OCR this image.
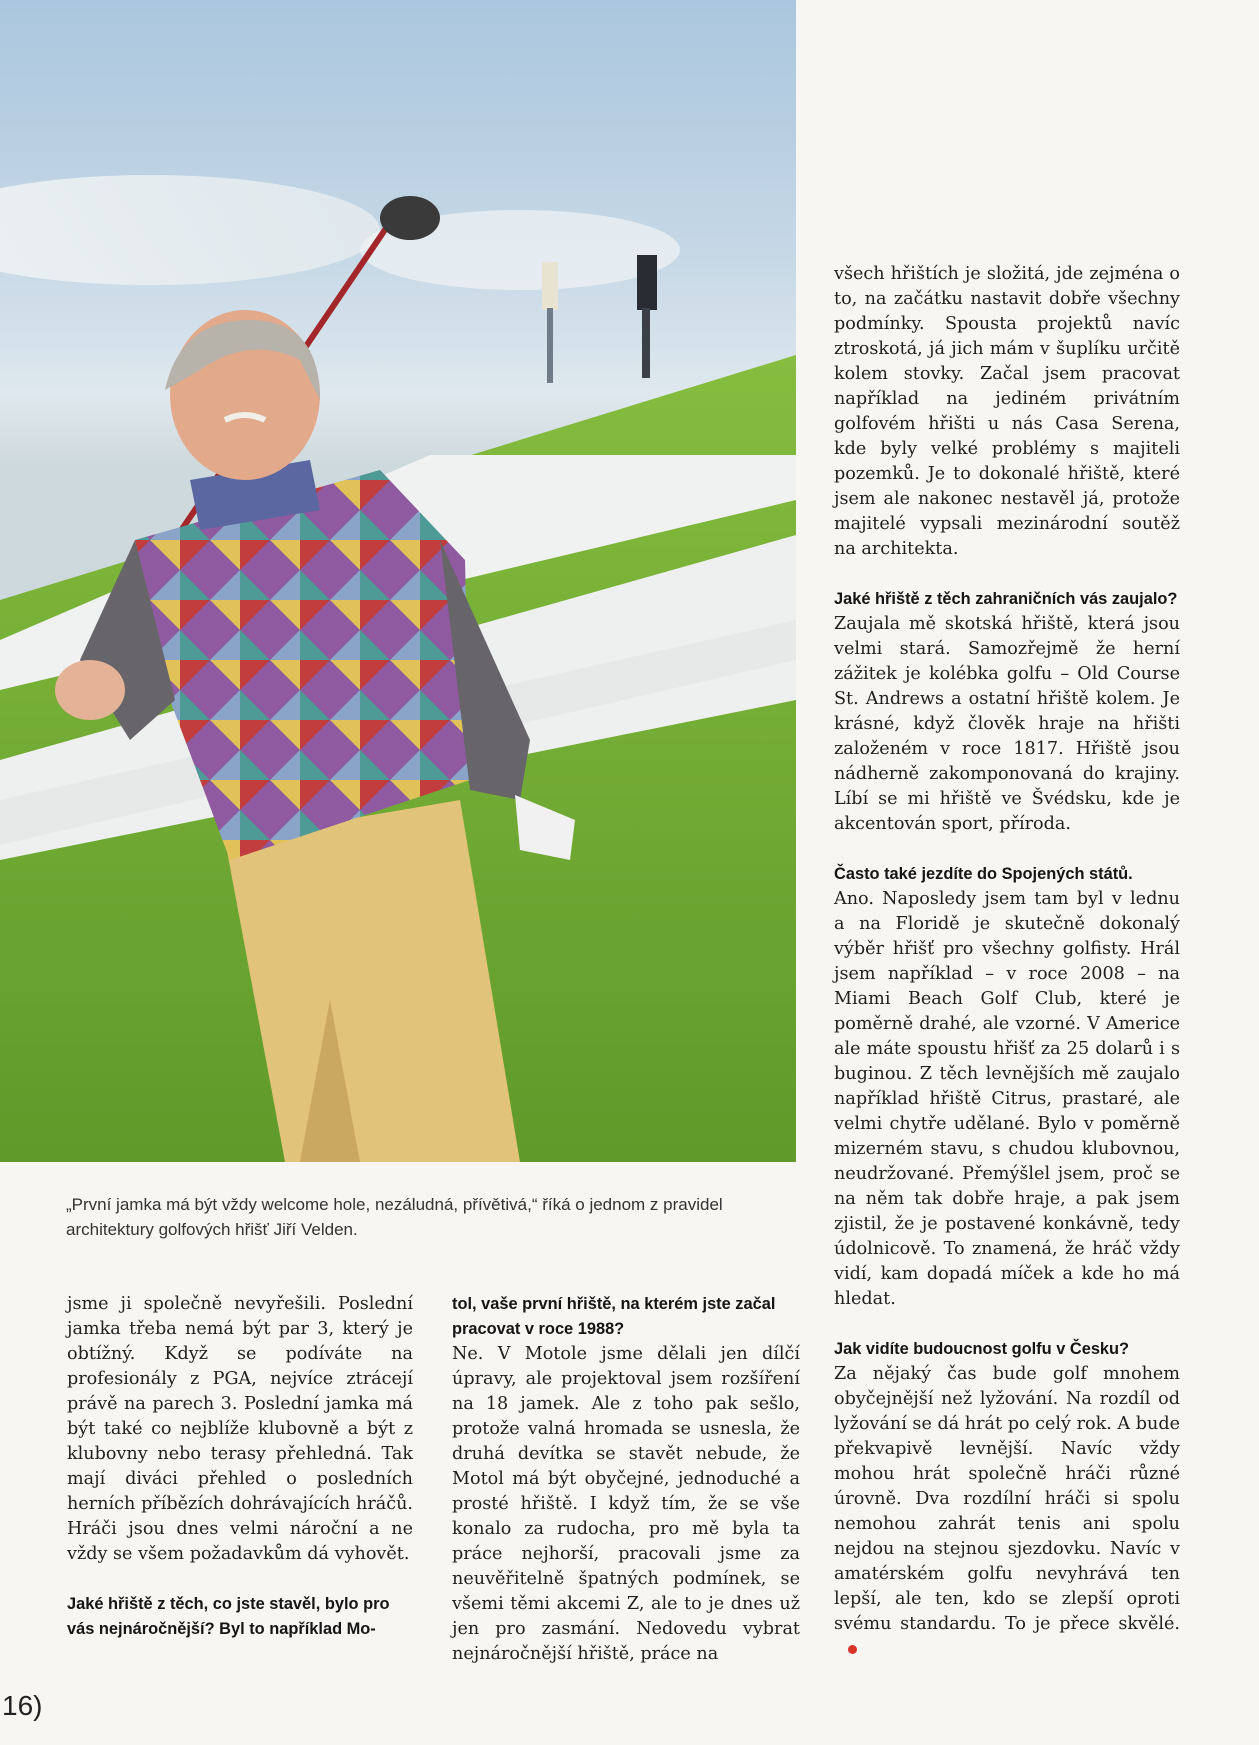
„První jamka má být vždy welcome hole, nezáludná, přívětivá,“ říká o jednom z pravidel architektury golfových hřišť Jiří Velden.

všech hřištích je složitá, jde zejména o to, na začátku nastavit dobře všechny podmínky. Spousta projektů navíc ztroskotá, já jich mám v šuplíku určitě kolem stovky. Začal jsem pracovat například na jediném privátním golfovém hřišti u nás Casa Serena, kde byly velké problémy s majiteli pozemků. Je to dokonalé hřiště, které jsem ale nakonec nestavěl já, protože majitelé vypsali mezinárodní soutěž na architekta.

Jaké hřiště z těch zahraničních vás zaujalo?

Zaujala mě skotská hřiště, která jsou velmi stará. Samozřejmě že herní zážitek je kolébka golfu – Old Course St. Andrews a ostatní hřiště kolem. Je krásné, když člověk hraje na hřišti založeném v roce 1817. Hřiště jsou nádherně zakomponovaná do krajiny. Líbí se mi hřiště ve Švédsku, kde je akcentován sport, příroda.

Často také jezdíte do Spojených států.

Ano. Naposledy jsem tam byl v lednu a na Floridě je skutečně dokonalý výběr hřišť pro všechny golfisty. Hrál jsem například – v roce 2008 – na Miami Beach Golf Club, které je poměrně drahé, ale vzorné. V Americe ale máte spoustu hřišť za 25 dolarů i s buginou. Z těch levnějších mě zaujalo například hřiště Citrus, prastaré, ale velmi chytře udělané. Bylo v poměrně mizerném stavu, s chudou klubovnou, neudržované. Přemýšlel jsem, proč se na něm tak dobře hraje, a pak jsem zjistil, že je postavené konkávně, tedy údolnicově. To znamená, že hráč vždy vidí, kam dopadá míček a kde ho má hledat.

Jak vidíte budoucnost golfu v Česku?

Za nějaký čas bude golf mnohem obyčejnější než lyžování. Na rozdíl od lyžování se dá hrát po celý rok. A bude překvapivě levnější. Navíc vždy mohou hrát společně hráči různé úrovně. Dva rozdílní hráči si spolu nemohou zahrát tenis ani spolu nejdou na stejnou sjezdovku. Navíc v amatérském golfu nevyhrává ten lepší, ale ten, kdo se zlepší oproti svému standardu. To je přece skvělé.

jsme ji společně nevyřešili. Poslední jamka třeba nemá být par 3, který je obtížný. Když se podíváte na profesionály z PGA, nejvíce ztrácejí právě na parech 3. Poslední jamka má být také co nejblíže klubovně a být z klubovny nebo terasy přehledná. Tak mají diváci přehled o posledních herních příbězích dohrávajících hráčů. Hráči jsou dnes velmi nároční a ne vždy se všem požadavkům dá vyhovět.

Jaké hřiště z těch, co jste stavěl, bylo pro vás nejnáročnější? Byl to například Mo-
tol, vaše první hřiště, na kterém jste začal pracovat v roce 1988?

Ne. V Motole jsme dělali jen dílčí úpravy, ale projektoval jsem rozšíření na 18 jamek. Ale z toho pak sešlo, protože valná hromada se usnesla, že druhá devítka se stavět nebude, že Motol má být obyčejné, jednoduché a prosté hřiště. I když tím, že se vše konalo za rudocha, pro mě byla ta práce nejhorší, pracovali jsme za neuvěřitelně špatných podmínek, se všemi těmi akcemi Z, ale to je dnes už jen pro zasmání. Nedovedu vybrat nejnáročnější hřiště, práce na

16)
